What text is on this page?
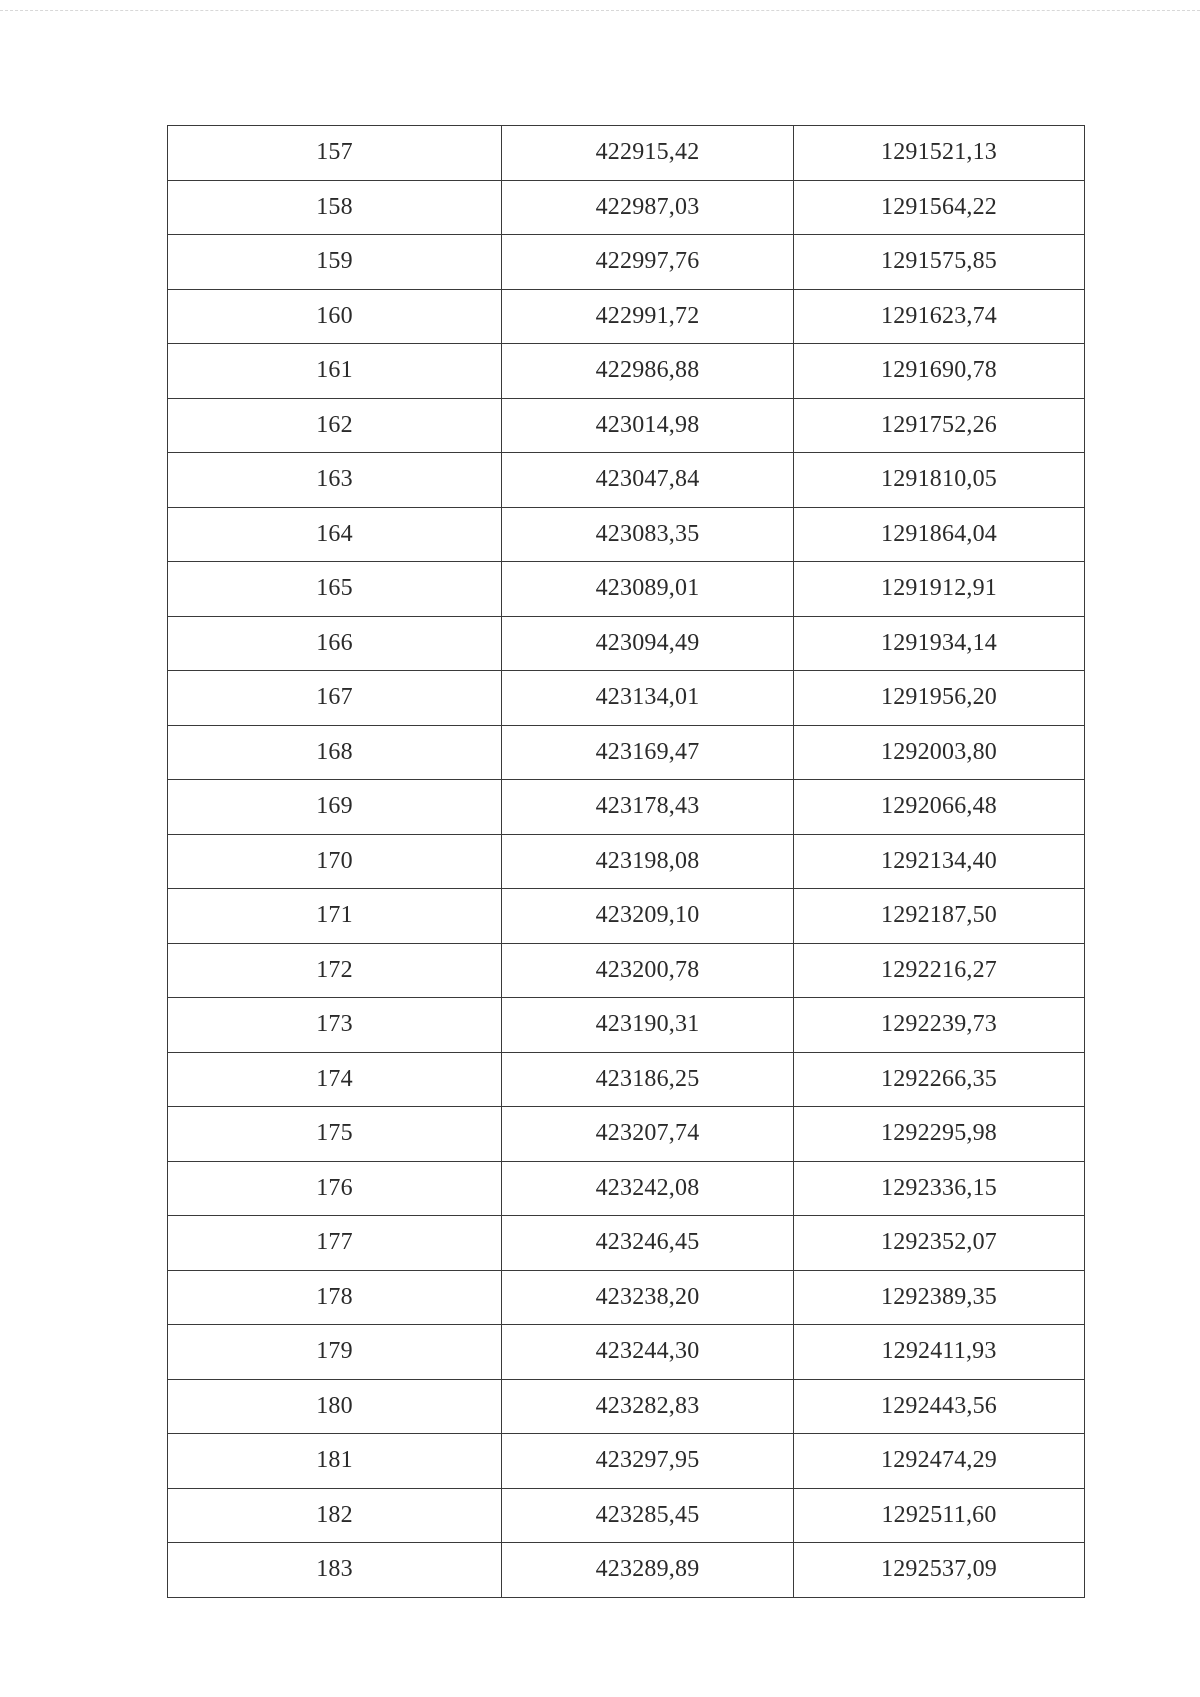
157	422915,42	1291521,13
158	422987,03	1291564,22
159	422997,76	1291575,85
160	422991,72	1291623,74
161	422986,88	1291690,78
162	423014,98	1291752,26
163	423047,84	1291810,05
164	423083,35	1291864,04
165	423089,01	1291912,91
166	423094,49	1291934,14
167	423134,01	1291956,20
168	423169,47	1292003,80
169	423178,43	1292066,48
170	423198,08	1292134,40
171	423209,10	1292187,50
172	423200,78	1292216,27
173	423190,31	1292239,73
174	423186,25	1292266,35
175	423207,74	1292295,98
176	423242,08	1292336,15
177	423246,45	1292352,07
178	423238,20	1292389,35
179	423244,30	1292411,93
180	423282,83	1292443,56
181	423297,95	1292474,29
182	423285,45	1292511,60
183	423289,89	1292537,09
